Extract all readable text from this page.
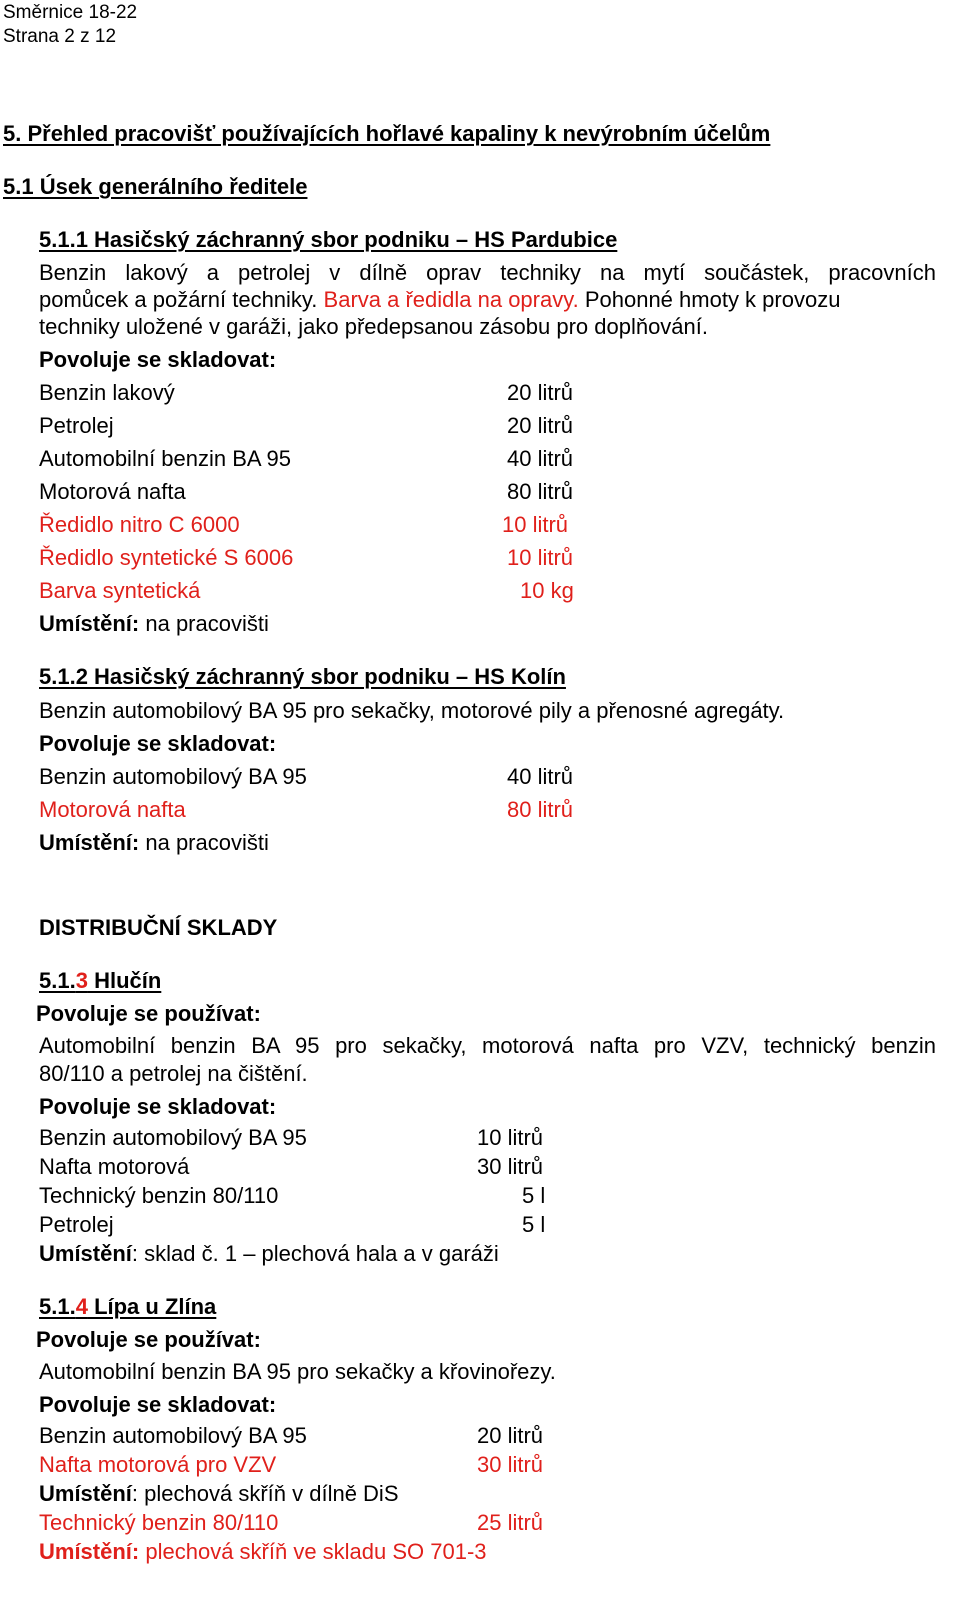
Směrnice 18-22
Strana 2 z 12
5. Přehled pracovišť používajících hořlavé kapaliny k nevýrobním účelům
5.1 Úsek generálního ředitele
5.1.1 Hasičský záchranný sbor podniku – HS Pardubice
Benzin lakový a petrolej v dílně oprav techniky na mytí součástek, pracovních
pomůcek a požární techniky. Barva a ředidla na opravy. Pohonné hmoty k provozu
techniky uložené v garáži, jako předepsanou zásobu pro doplňování.
Povoluje se skladovat:
Benzin lakový	20 litrů
Petrolej	20 litrů
Automobilní benzin BA 95	40 litrů
Motorová nafta	80 litrů
Ředidlo nitro C 6000	10 litrů
Ředidlo syntetické S 6006	10 litrů
Barva syntetická	10 kg
Umístění: na pracovišti
5.1.2 Hasičský záchranný sbor podniku – HS Kolín
Benzin automobilový BA 95 pro sekačky, motorové pily a přenosné agregáty.
Povoluje se skladovat:
Benzin automobilový BA 95	40 litrů
Motorová nafta	80 litrů
Umístění: na pracovišti
DISTRIBUČNÍ SKLADY
5.1.3 Hlučín
Povoluje se používat:
Automobilní benzin BA 95 pro sekačky, motorová nafta pro VZV, technický benzin
80/110 a petrolej na čištění.
Povoluje se skladovat:
Benzin automobilový BA 95	10 litrů
Nafta motorová	30 litrů
Technický benzin 80/110	5 l
Petrolej	5 l
Umístění: sklad č. 1 – plechová hala a v garáži
5.1.4 Lípa u Zlína
Povoluje se používat:
Automobilní benzin BA 95 pro sekačky a křovinořezy.
Povoluje se skladovat:
Benzin automobilový BA 95	20 litrů
Nafta motorová pro VZV	30 litrů
Umístění: plechová skříň v dílně DiS
Technický benzin 80/110	25 litrů
Umístění: plechová skříň ve skladu SO 701-3
